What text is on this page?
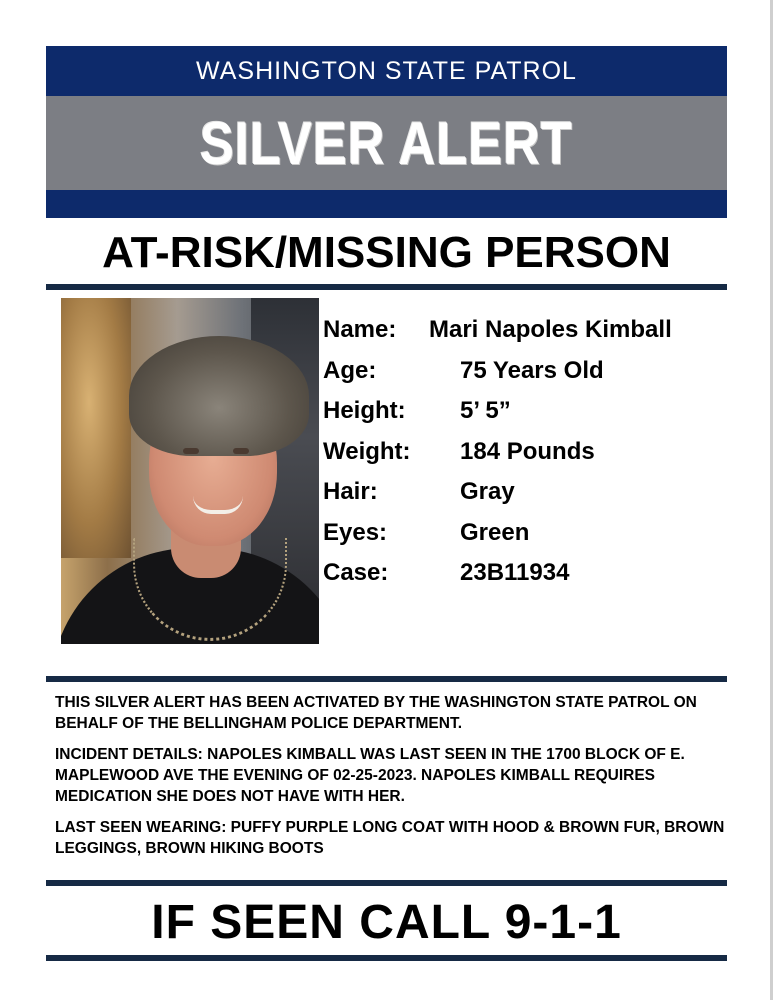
WASHINGTON STATE PATROL
SILVER ALERT
AT-RISK/MISSING PERSON
Name: Mari Napoles Kimball
Age:	75 Years Old
Height: 5’ 5”
Weight: 184 Pounds
Hair:	Gray
Eyes:	Green
Case:	23B11934

THIS SILVER ALERT HAS BEEN ACTIVATED BY THE WASHINGTON STATE PATROL ON BEHALF OF THE BELLINGHAM POLICE DEPARTMENT.

INCIDENT DETAILS: NAPOLES KIMBALL WAS LAST SEEN IN THE 1700 BLOCK OF E. MAPLEWOOD AVE THE EVENING OF 02-25-2023. NAPOLES KIMBALL REQUIRES MEDICATION SHE DOES NOT HAVE WITH HER.

LAST SEEN WEARING: PUFFY PURPLE LONG COAT WITH HOOD & BROWN FUR, BROWN LEGGINGS, BROWN HIKING BOOTS

IF SEEN CALL 9-1-1
